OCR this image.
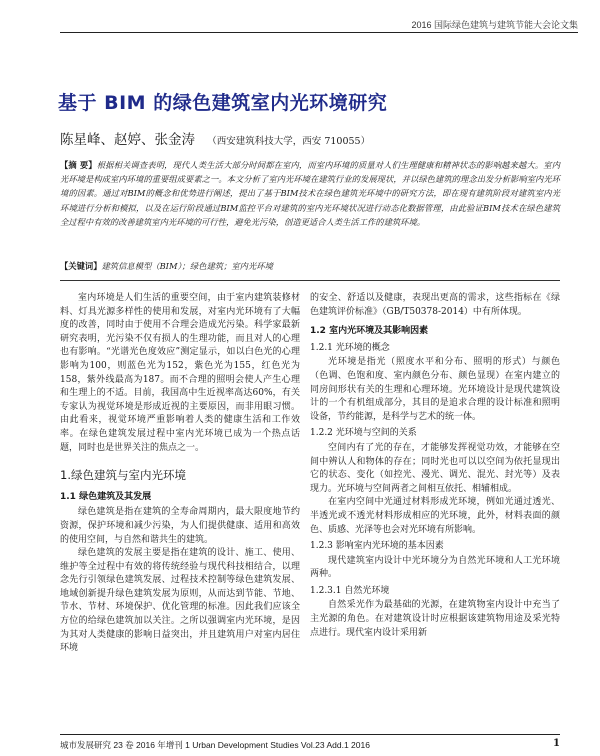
2016 国际绿色建筑与建筑节能大会论文集
基于 BIM 的绿色建筑室内光环境研究
陈星峰、赵婷、张金涛 （西安建筑科技大学，西安 710055）
【摘 要】根据相关调查表明，现代人类生活大部分时间都在室内，而室内环境的质量对人们生理健康和精神状态的影响越来越大。室内光环境是构成室内环境的重要组成要素之一。本文分析了室内光环境在建筑行业的发展现状，并以绿色建筑的理念出发分析影响室内光环境的因素。通过对BIM的概念和优势进行阐述，提出了基于BIM技术在绿色建筑光环境中的研究方法，即在现有建筑阶段对建筑室内光环境进行分析和模拟，以及在运行阶段通过BIM监控平台对建筑的室内光环境状况进行动态化数据管理，由此验证BIM技术在绿色建筑全过程中有效的改善建筑室内光环境的可行性，避免光污染，创造更适合人类生活工作的建筑环境。
【关键词】建筑信息模型（BIM）；绿色建筑；室内光环境

室内环境是人们生活的重要空间，由于室内建筑装修材料、灯具光源多样性的使用和发展，对室内光环境有了大幅度的改善，同时由于使用不合理会造成光污染。科学家最新研究表明，光污染不仅有损人的生理功能，而且对人的心理也有影响。“光谱光色度效应”测定显示，如以白色光的心理影响为100，则蓝色光为152，紫色光为155，红色光为158，紫外线最高为187。而不合理的照明会使人产生心理和生理上的不适。目前，我国高中生近视率高达60%，有关专家认为视觉环境是形成近视的主要原因，而非用眼习惯。由此看来，视觉环境严重影响着人类的健康生活和工作效率。在绿色建筑发展过程中室内光环境已成为一个热点话题，同时也是世界关注的焦点之一。

1.绿色建筑与室内光环境
1.1 绿色建筑及其发展

绿色建筑是指在建筑的全寿命周期内，最大限度地节约资源，保护环境和减少污染，为人们提供健康、适用和高效的使用空间，与自然和谐共生的建筑。

绿色建筑的发展主要是指在建筑的设计、施工、使用、维护等全过程中有效的将传统经验与现代科技相结合，以理念先行引领绿色建筑发展、过程技术控制等绿色建筑发展、地域创新提升绿色建筑发展为原则，从而达到节能、节地、节水、节材、环境保护、优化管理的标准。因此我们应该全方位的给绿色建筑加以关注。之所以强调室内光环境，是因为其对人类健康的影响日益突出，并且建筑用户对室内居住环境

的安全、舒适以及健康，表现出更高的需求，这些指标在《绿色建筑评价标准》（GB/T50378-2014）中有所体现。

1.2 室内光环境及其影响因素
1.2.1 光环境的概念

光环境是指光（照度水平和分布、照明的形式）与颜色（色调、色饱和度、室内颜色分布、颜色显现）在室内建立的同房间形状有关的生理和心理环境。光环境设计是现代建筑设计的一个有机组成部分，其目的是追求合理的设计标准和照明设备，节约能源，是科学与艺术的统一体。

1.2.2 光环境与空间的关系

空间内有了光的存在，才能够发挥视觉功效，才能够在空间中辨认人和物体的存在；同时光也可以以空间为依托显现出它的状态、变化（如控光、漫光、调光、混光、封光等）及表现力。光环境与空间两者之间相互依托、相辅相成。

在室内空间中光通过材料形成光环境，例如光通过透光、半透光或不透光材料形成相应的光环境，此外，材料表面的颜色、质感、光泽等也会对光环境有所影响。

1.2.3 影响室内光环境的基本因素

现代建筑室内设计中光环境分为自然光环境和人工光环境两种。

1.2.3.1 自然光环境

自然采光作为最基础的光源，在建筑物室内设计中充当了主光源的角色。在对建筑设计时应根据该建筑物用途及采光特点进行。现代室内设计采用新

城市发展研究 23 卷 2016 年增刊 1 Urban Development Studies Vol.23 Add.1 2016	1
